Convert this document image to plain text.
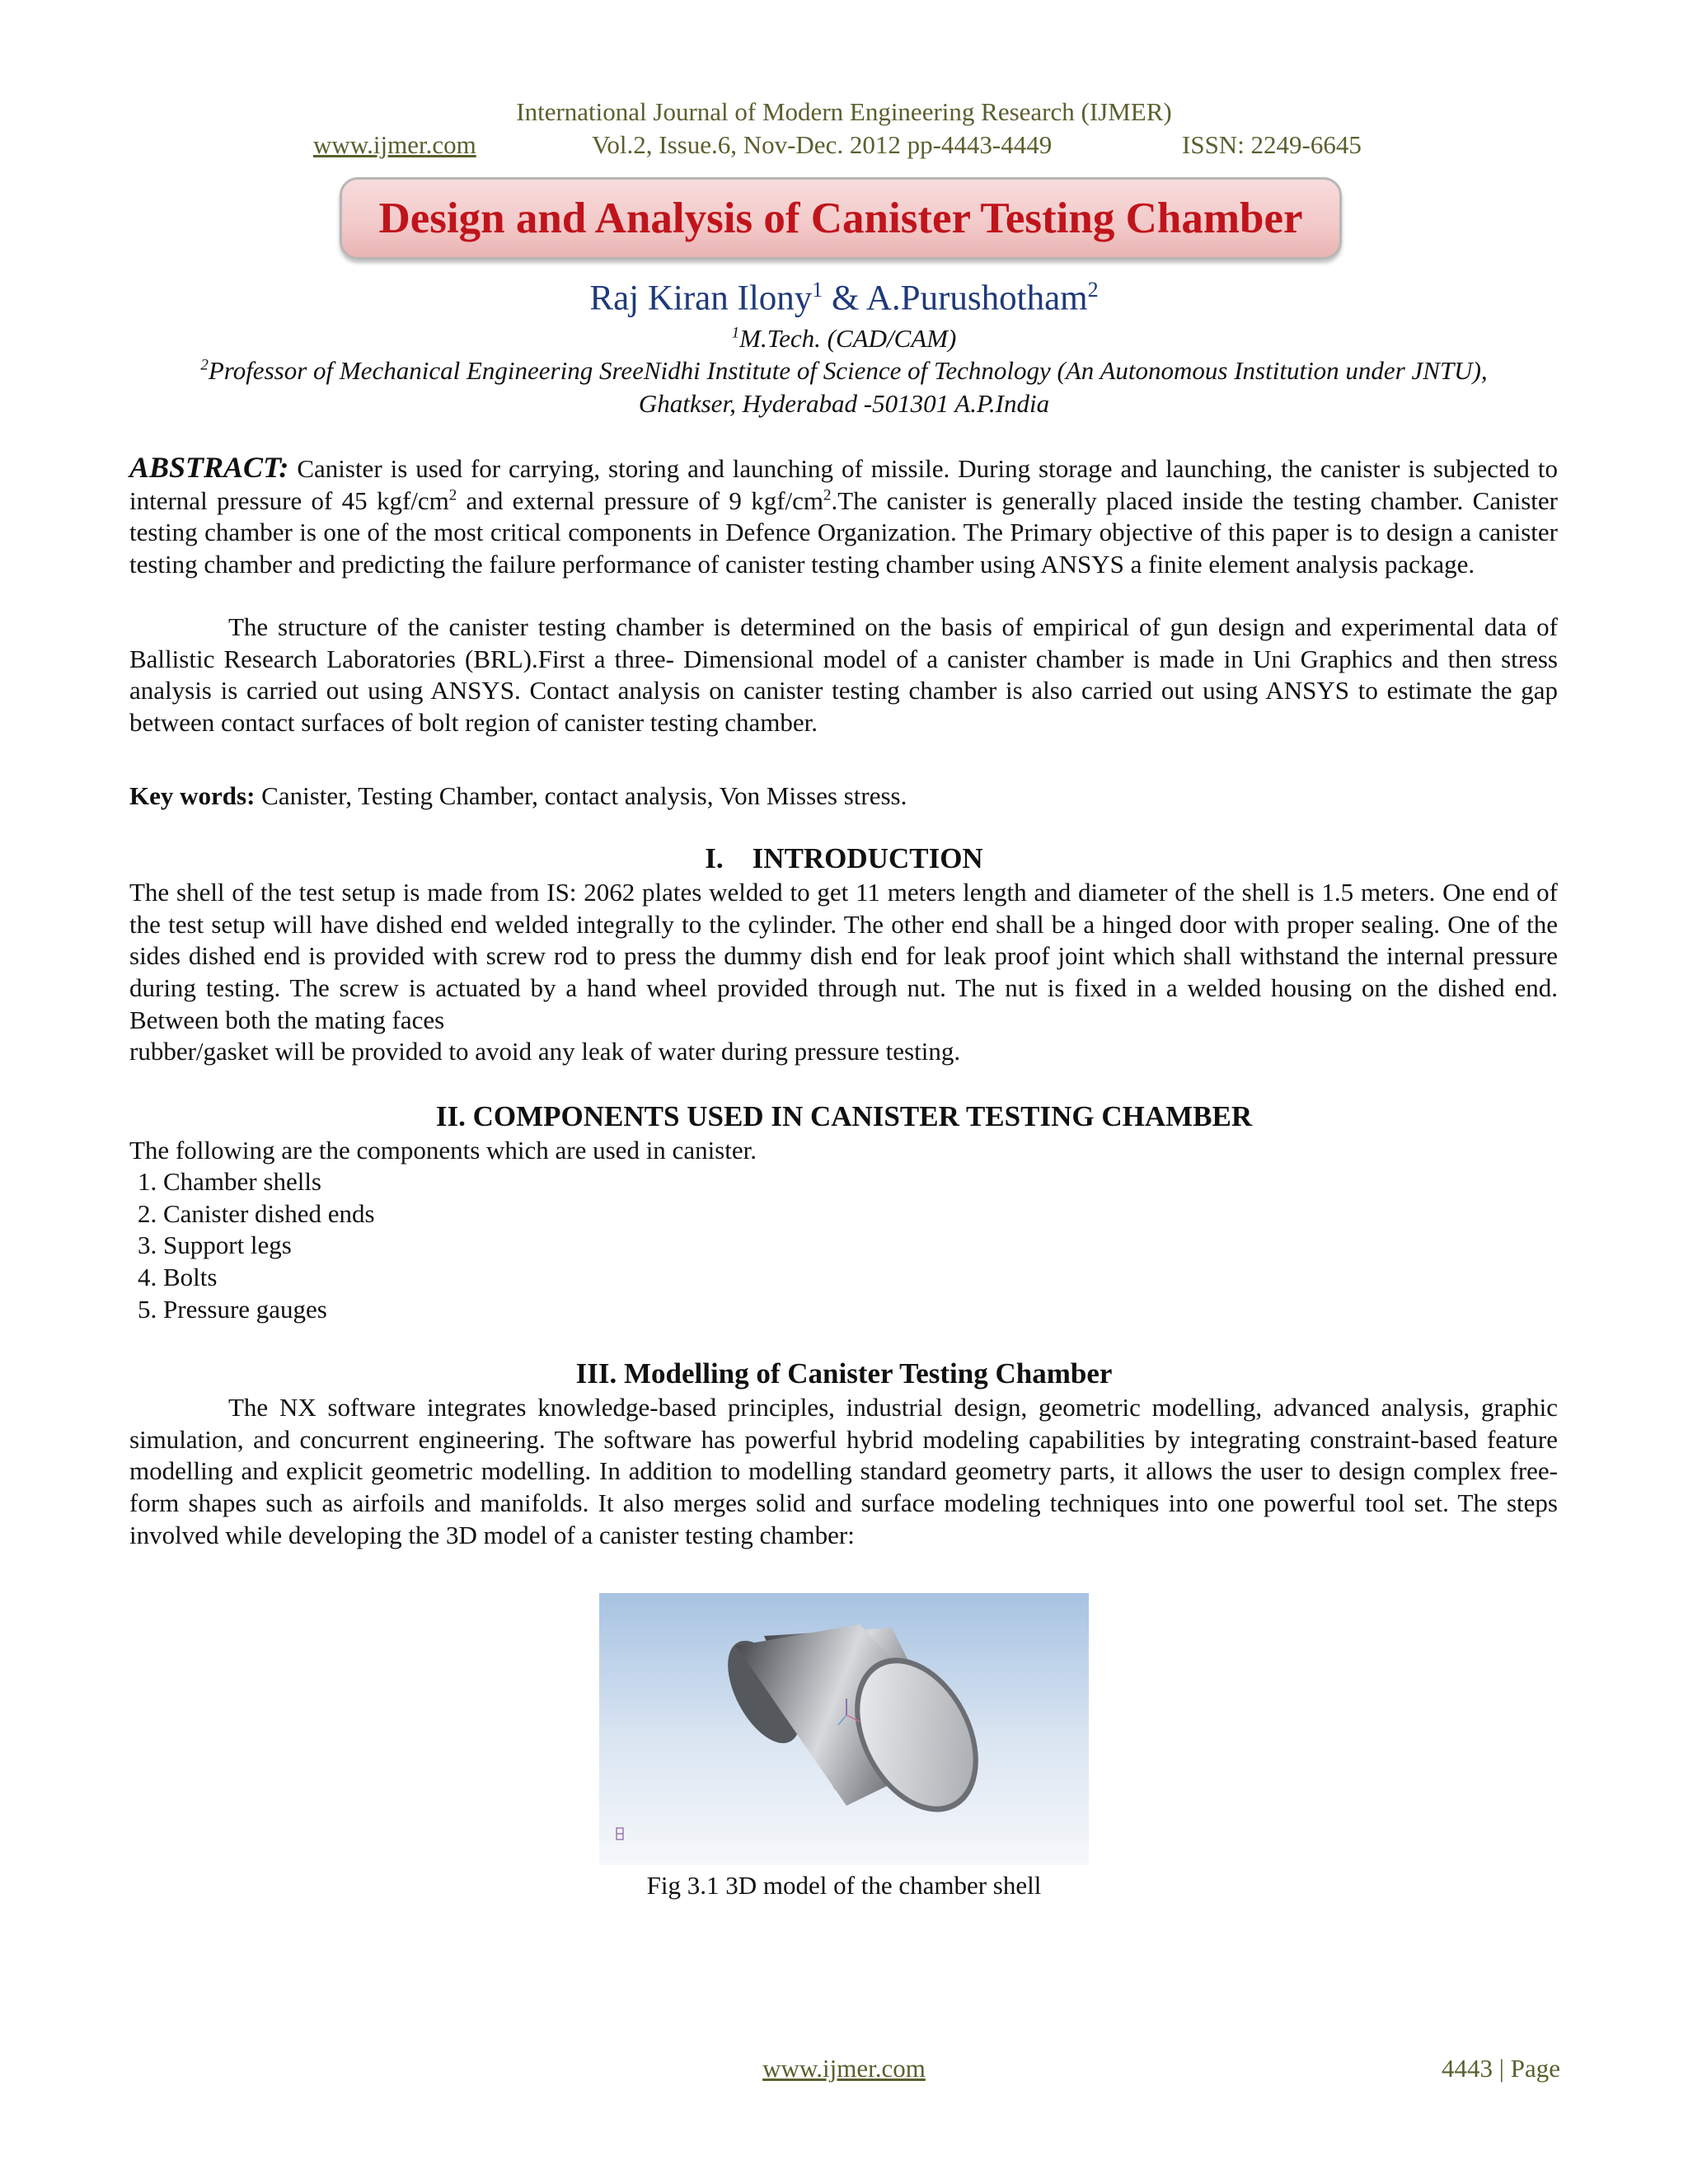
International Journal of Modern Engineering Research (IJMER)
www.ijmer.com	Vol.2, Issue.6, Nov-Dec. 2012 pp-4443-4449	ISSN: 2249-6645
Design and Analysis of Canister Testing Chamber
Raj Kiran Ilony$^1$ & A.Purushotham$^2$
$^1$M.Tech. (CAD/CAM)
$^2$Professor of Mechanical Engineering SreeNidhi Institute of Science of Technology (An Autonomous Institution under JNTU),
Ghatkser, Hyderabad -501301 A.P.India
ABSTRACT: Canister is used for carrying, storing and launching of missile. During storage and launching, the canister is subjected to internal pressure of 45 kgf/$cm^2$ and external pressure of 9 kgf/$cm^2.The$ canister is generally placed inside the testing chamber. Canister testing chamber is one of the most critical components in Defence Organization. The Primary objective of this paper is to design a canister testing chamber and predicting the failure performance of canister testing chamber using ANSYS a finite element analysis package.
The structure of the canister testing chamber is determined on the basis of empirical of gun design and experimental data of Ballistic Research Laboratories (BRL).First a three- Dimensional model of a canister chamber is made in Uni Graphics and then stress analysis is carried out using ANSYS. Contact analysis on canister testing chamber is also carried out using ANSYS to estimate the gap between contact surfaces of bolt region of canister testing chamber.
Key words: Canister, Testing Chamber, contact analysis, Von Misses stress.
I.    INTRODUCTION
The shell of the test setup is made from IS: 2062 plates welded to get 11 meters length and diameter of the shell is 1.5 meters. One end of the test setup will have dished end welded integrally to the cylinder. The other end shall be a hinged door with proper sealing. One of the sides dished end is provided with screw rod to press the dummy dish end for leak proof joint which shall withstand the internal pressure during testing. The screw is actuated by a hand wheel provided through nut. The nut is fixed in a welded housing on the dished end. Between both the mating faces
rubber/gasket will be provided to avoid any leak of water during pressure testing.
II. COMPONENTS USED IN CANISTER TESTING CHAMBER
The following are the components which are used in canister.
1. Chamber shells
2. Canister dished ends
3. Support legs
4. Bolts
5. Pressure gauges
III. Modelling of Canister Testing Chamber
The NX software integrates knowledge-based principles, industrial design, geometric modelling, advanced analysis, graphic simulation, and concurrent engineering. The software has powerful hybrid modeling capabilities by integrating constraint-based feature modelling and explicit geometric modelling. In addition to modelling standard geometry parts, it allows the user to design complex free-form shapes such as airfoils and manifolds. It also merges solid and surface modeling techniques into one powerful tool set. The steps involved while developing the 3D model of a canister testing chamber:
Fig 3.1 3D model of the chamber shell
www.ijmer.com	4443 | Page
